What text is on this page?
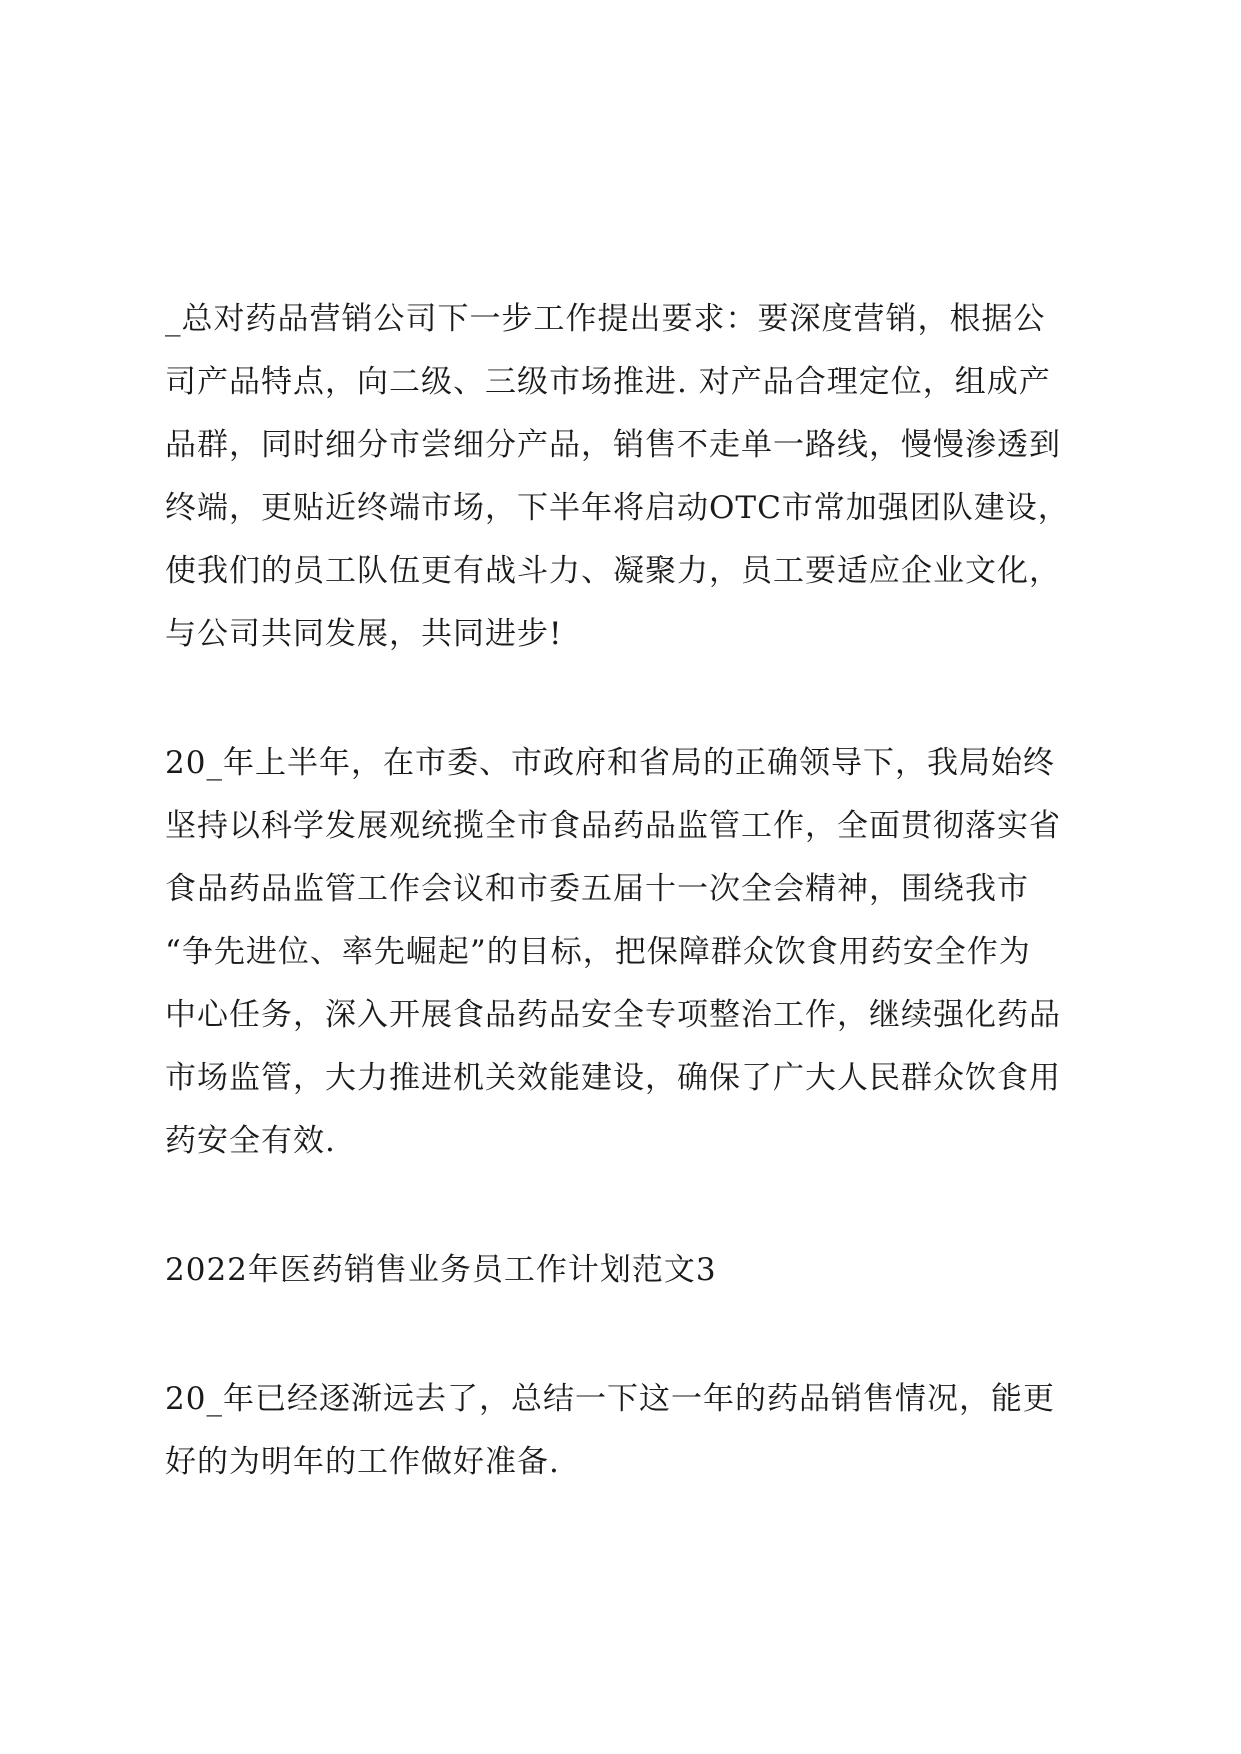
_总对药品营销公司下一步工作提出要求：要深度营销，根据公
司产品特点，向二级、三级市场推进. 对产品合理定位，组成产
品群，同时细分市尝细分产品，销售不走单一路线，慢慢渗透到
终端，更贴近终端市场，下半年将启动OTC市常加强团队建设，
使我们的员工队伍更有战斗力、凝聚力，员工要适应企业文化，
与公司共同发展，共同进步!
20_年上半年，在市委、市政府和省局的正确领导下，我局始终
坚持以科学发展观统揽全市食品药品监管工作，全面贯彻落实省
食品药品监管工作会议和市委五届十一次全会精神，围绕我市
“争先进位、率先崛起”的目标，把保障群众饮食用药安全作为
中心任务，深入开展食品药品安全专项整治工作，继续强化药品
市场监管，大力推进机关效能建设，确保了广大人民群众饮食用
药安全有效.
2022年医药销售业务员工作计划范文3
20_年已经逐渐远去了，总结一下这一年的药品销售情况，能更
好的为明年的工作做好准备.
